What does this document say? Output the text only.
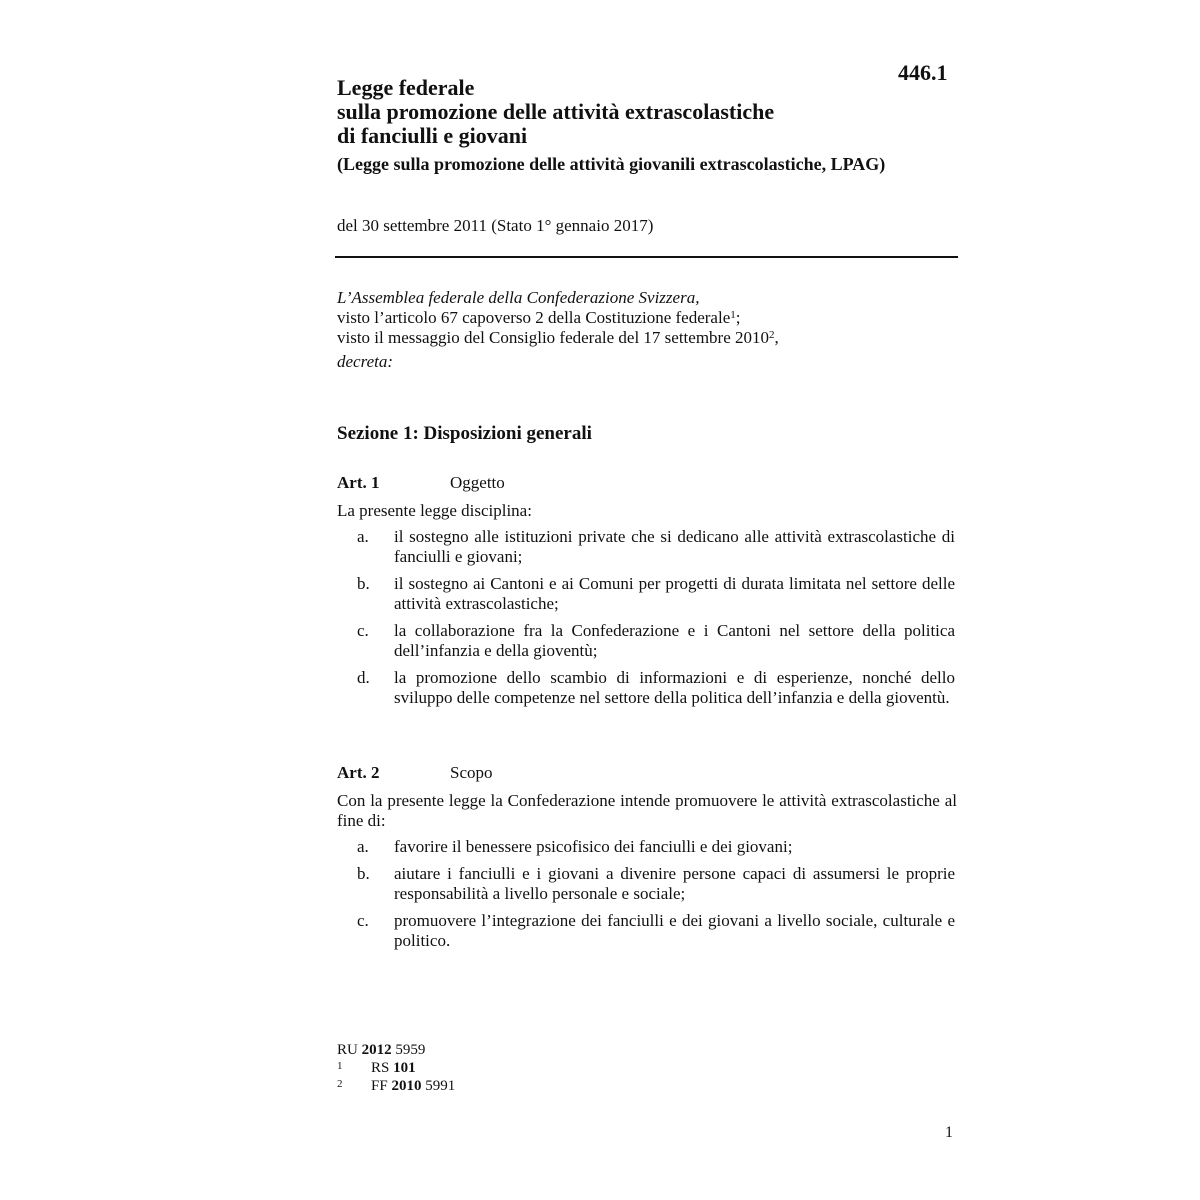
446.1
Legge federale
sulla promozione delle attività extrascolastiche
di fanciulli e giovani
(Legge sulla promozione delle attività giovanili extrascolastiche, LPAG)
del 30 settembre 2011 (Stato 1° gennaio 2017)
L’Assemblea federale della Confederazione Svizzera,
visto l’articolo 67 capoverso 2 della Costituzione federale$^1$;
visto il messaggio del Consiglio federale del 17 settembre 2010$^2$,
decreta:
Sezione 1: Disposizioni generali
Art. 1	Oggetto
La presente legge disciplina:
a.	il sostegno alle istituzioni private che si dedicano alle attività extrascolastiche di fanciulli e giovani;
b.	il sostegno ai Cantoni e ai Comuni per progetti di durata limitata nel settore delle attività extrascolastiche;
c.	la collaborazione fra la Confederazione e i Cantoni nel settore della politica dell’infanzia e della gioventù;
d.	la promozione dello scambio di informazioni e di esperienze, nonché dello sviluppo delle competenze nel settore della politica dell’infanzia e della gioventù.
Art. 2	Scopo
Con la presente legge la Confederazione intende promuovere le attività extrascolastiche al fine di:
a.	favorire il benessere psicofisico dei fanciulli e dei giovani;
b.	aiutare i fanciulli e i giovani a divenire persone capaci di assumersi le proprie responsabilità a livello personale e sociale;
c.	promuovere l’integrazione dei fanciulli e dei giovani a livello sociale, culturale e politico.
RU 2012 5959
1	RS 101
2	FF 2010 5991
1
